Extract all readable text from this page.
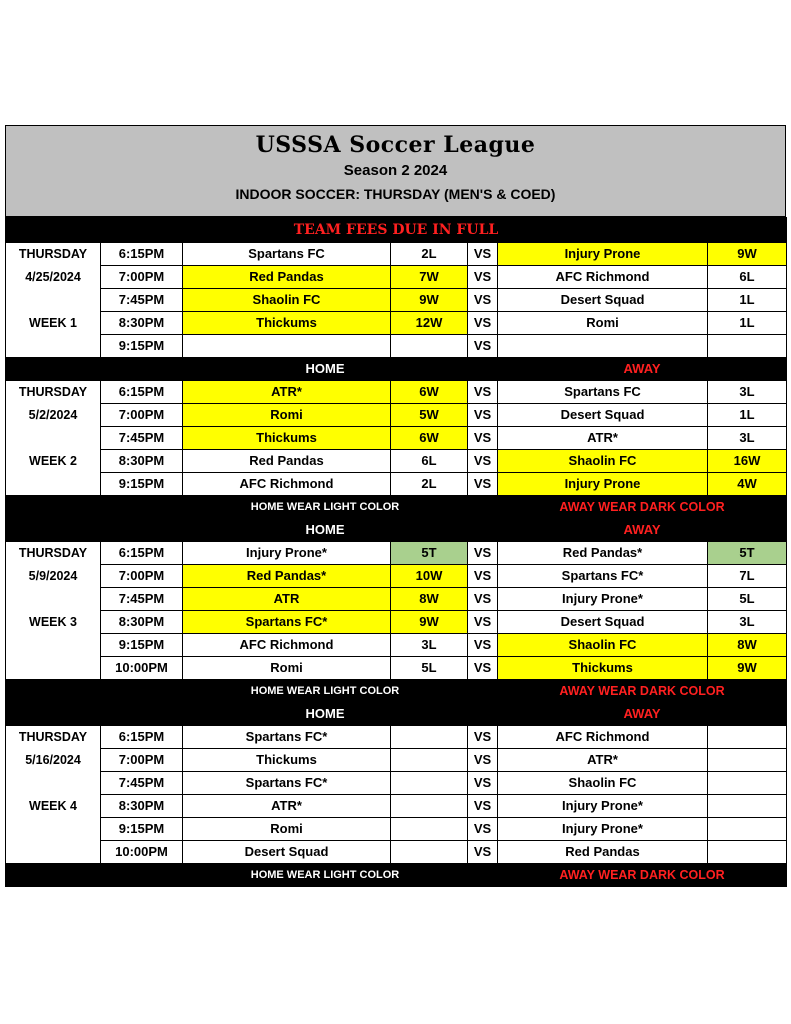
USSSA Soccer League
Season 2 2024
INDOOR SOCCER: THURSDAY (MEN'S & COED)
TEAM FEES DUE IN FULL						
THURSDAY	6:15PM	Spartans FC	2L	VS	Injury Prone	9W
4/25/2024	7:00PM	Red Pandas	7W	VS	AFC Richmond	6L
	7:45PM	Shaolin FC	9W	VS	Desert Squad	1L
WEEK 1	8:30PM	Thickums	12W	VS	Romi	1L
	9:15PM			VS		
		HOME			AWAY	
THURSDAY	6:15PM	ATR*	6W	VS	Spartans FC	3L
5/2/2024	7:00PM	Romi	5W	VS	Desert Squad	1L
	7:45PM	Thickums	6W	VS	ATR*	3L
WEEK 2	8:30PM	Red Pandas	6L	VS	Shaolin FC	16W
	9:15PM	AFC Richmond	2L	VS	Injury Prone	4W
		HOME WEAR LIGHT COLOR			AWAY WEAR DARK COLOR	
		HOME			AWAY	
THURSDAY	6:15PM	Injury Prone*	5T	VS	Red Pandas*	5T
5/9/2024	7:00PM	Red Pandas*	10W	VS	Spartans FC*	7L
	7:45PM	ATR	8W	VS	Injury Prone*	5L
WEEK 3	8:30PM	Spartans FC*	9W	VS	Desert Squad	3L
	9:15PM	AFC Richmond	3L	VS	Shaolin FC	8W
	10:00PM	Romi	5L	VS	Thickums	9W
		HOME WEAR LIGHT COLOR			AWAY WEAR DARK COLOR	
		HOME			AWAY	
THURSDAY	6:15PM	Spartans FC*		VS	AFC Richmond	
5/16/2024	7:00PM	Thickums		VS	ATR*	
	7:45PM	Spartans FC*		VS	Shaolin FC	
WEEK 4	8:30PM	ATR*		VS	Injury Prone*	
	9:15PM	Romi		VS	Injury Prone*	
	10:00PM	Desert Squad		VS	Red Pandas	
		HOME WEAR LIGHT COLOR			AWAY WEAR DARK COLOR	
